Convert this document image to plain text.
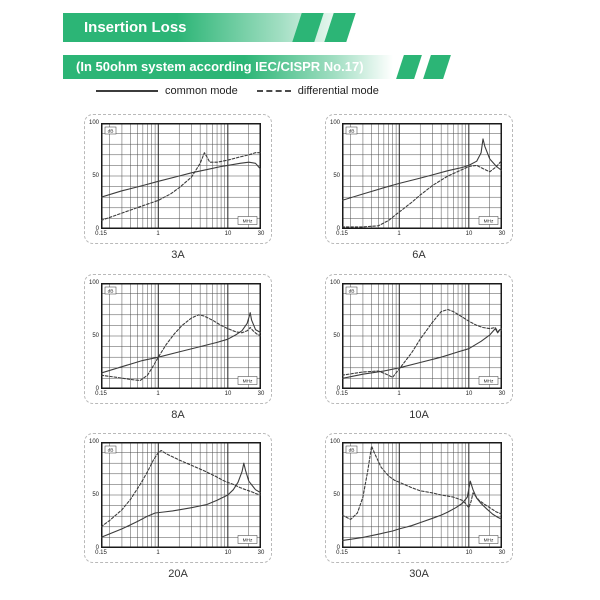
Insertion Loss
(In 50ohm system according IEC/CISPR No.17)
common mode	differential mode
100
50
0
dB
MHz
0.15	1	10	30
3A
100
50
0
dB
MHz
0.15	1	10	30
6A
100
50
0
dB
MHz
0.15	1	10	30
8A
100
50
0
dB
MHz
0.15	1	10	30
10A
100
50
0
dB
MHz
0.15	1	10	30
20A
100
50
0
dB
MHz
0.15	1	10	30
30A
